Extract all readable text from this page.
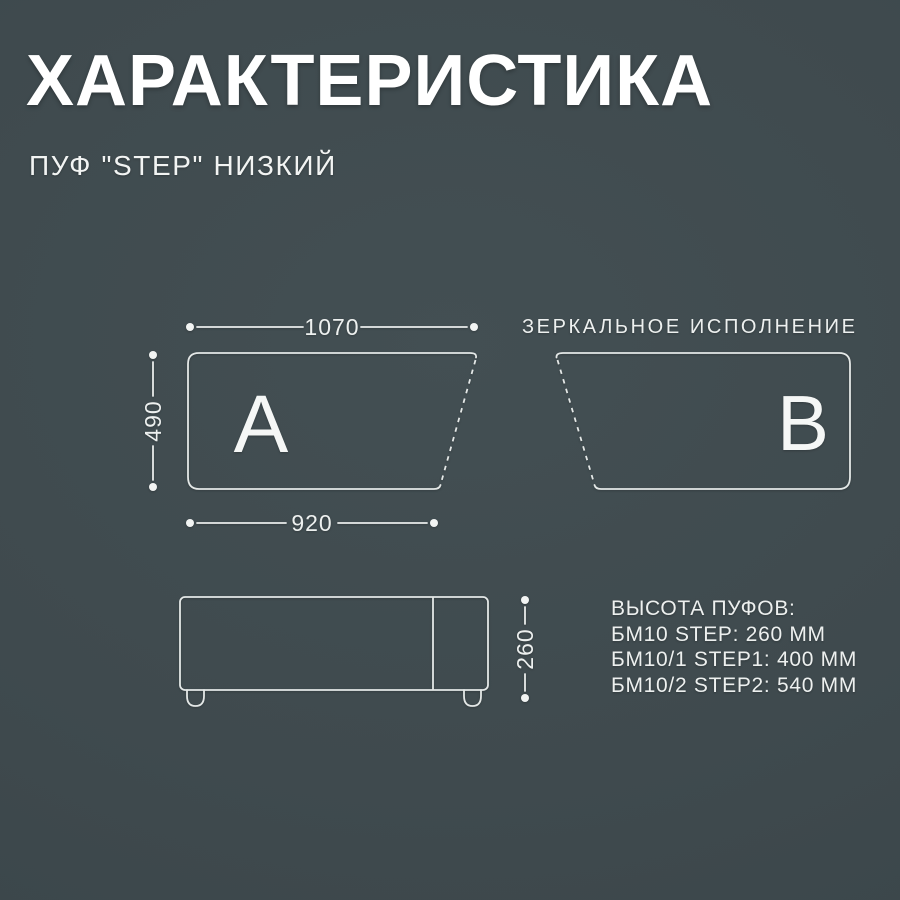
ХАРАКТЕРИСТИКА
ПУФ "STEP" НИЗКИЙ
ЗЕРКАЛЬНОЕ ИСПОЛНЕНИЕ
A
1070
490
920
B
260
ВЫСОТА ПУФОВ:
БМ10 STEP: 260 ММ
БМ10/1 STEP1: 400 ММ
БМ10/2 STEP2: 540 ММ
